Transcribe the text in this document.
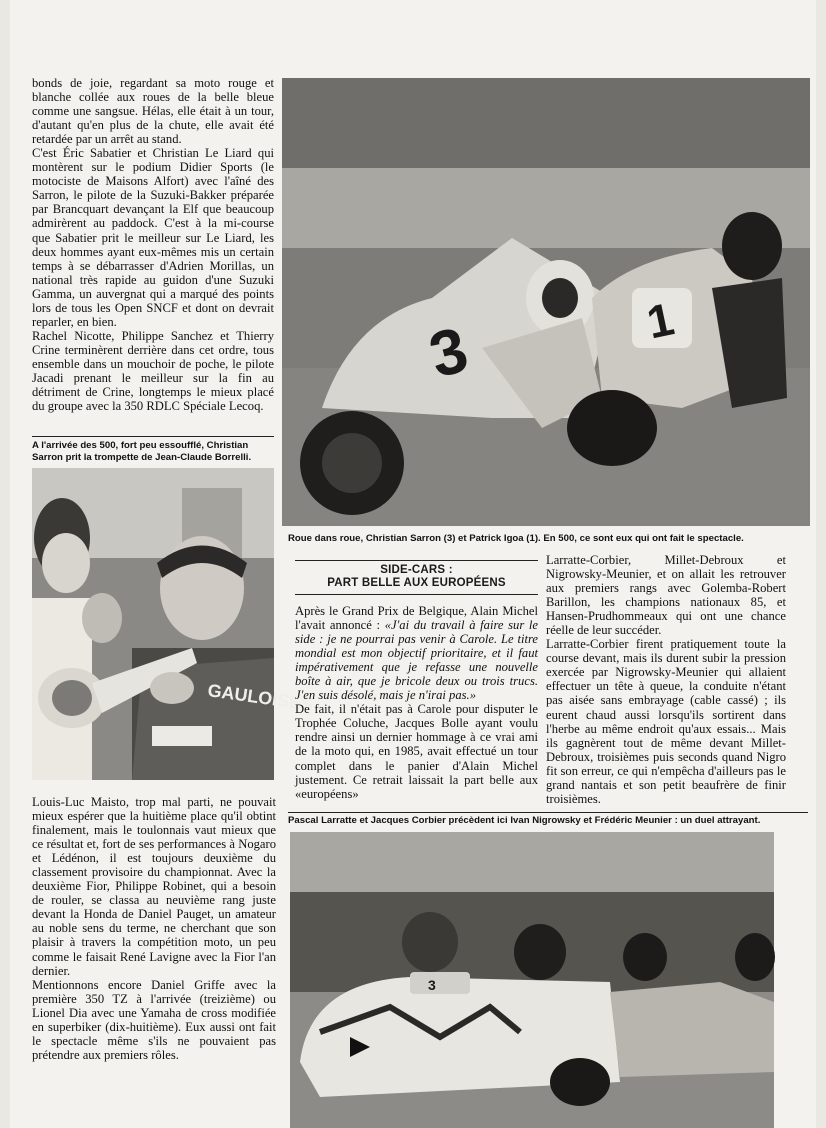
bonds de joie, regardant sa moto rouge et blanche collée aux roues de la belle bleue comme une sangsue. Hélas, elle était à un tour, d'autant qu'en plus de la chute, elle avait été retardée par un arrêt au stand.

C'est Éric Sabatier et Christian Le Liard qui montèrent sur le podium Didier Sports (le motociste de Maisons Alfort) avec l'aîné des Sarron, le pilote de la Suzuki-Bakker préparée par Brancquart devançant la Elf que beaucoup admirèrent au paddock. C'est à la mi-course que Sabatier prit le meilleur sur Le Liard, les deux hommes ayant eux-mêmes mis un certain temps à se débarrasser d'Adrien Morillas, un national très rapide au guidon d'une Suzuki Gamma, un auvergnat qui a marqué des points lors de tous les Open SNCF et dont on devrait reparler, en bien.

Rachel Nicotte, Philippe Sanchez et Thierry Crine terminèrent derrière dans cet ordre, tous ensemble dans un mouchoir de poche, le pilote Jacadi prenant le meilleur sur la fin au détriment de Crine, longtemps le mieux placé du groupe avec la 350 RDLC Spéciale Lecoq.

A l'arrivée des 500, fort peu essoufflé, Christian Sarron prit la trompette de Jean-Claude Borrelli.
GAULOISES

Louis-Luc Maisto, trop mal parti, ne pouvait mieux espérer que la huitième place qu'il obtint finalement, mais le toulonnais vaut mieux que ce résultat et, fort de ses performances à Nogaro et Lédénon, il est toujours deuxième du classement provisoire du championnat. Avec la deuxième Fior, Philippe Robinet, qui a besoin de rouler, se classa au neuvième rang juste devant la Honda de Daniel Pauget, un amateur au noble sens du terme, ne cherchant que son plaisir à travers la compétition moto, un peu comme le faisait René Lavigne avec la Fior l'an dernier.

Mentionnons encore Daniel Griffe avec la première 350 TZ à l'arrivée (treizième) ou Lionel Dia avec une Yamaha de cross modifiée en superbiker (dix-huitième). Eux aussi ont fait le spectacle même s'ils ne pouvaient pas prétendre aux premiers rôles.

3	1
Roue dans roue, Christian Sarron (3) et Patrick Igoa (1). En 500, ce sont eux qui ont fait le spectacle.
SIDE-CARS :
PART BELLE AUX EUROPÉENS

Après le Grand Prix de Belgique, Alain Michel l'avait annoncé : «J'ai du travail à faire sur le side : je ne pourrai pas venir à Carole. Le titre mondial est mon objectif prioritaire, et il faut impérativement que je refasse une nouvelle boîte à air, que je bricole deux ou trois trucs. J'en suis désolé, mais je n'irai pas.»

De fait, il n'était pas à Carole pour disputer le Trophée Coluche, Jacques Bolle ayant voulu rendre ainsi un dernier hommage à ce vrai ami de la moto qui, en 1985, avait effectué un tour complet dans le panier d'Alain Michel justement. Ce retrait laissait la part belle aux «européens»

Larratte-Corbier, Millet-Debroux et Nigrowsky-Meunier, et on allait les retrouver aux premiers rangs avec Golemba-Robert Barillon, les champions nationaux 85, et Hansen-Prudhommeaux qui ont une chance réelle de leur succéder.

Larratte-Corbier firent pratiquement toute la course devant, mais ils durent subir la pression exercée par Nigrowsky-Meunier qui allaient effectuer un tête à queue, la conduite n'étant pas aisée sans embrayage (cable cassé) ; ils eurent chaud aussi lorsqu'ils sortirent dans l'herbe au même endroit qu'aux essais... Mais ils gagnèrent tout de même devant Millet-Debroux, troisièmes puis seconds quand Nigro fit son erreur, ce qui n'empêcha d'ailleurs pas le grand nantais et son petit beaufrère de finir troisièmes.

Pascal Larratte et Jacques Corbier précèdent ici Ivan Nigrowsky et Frédéric Meunier : un duel attrayant.
3
